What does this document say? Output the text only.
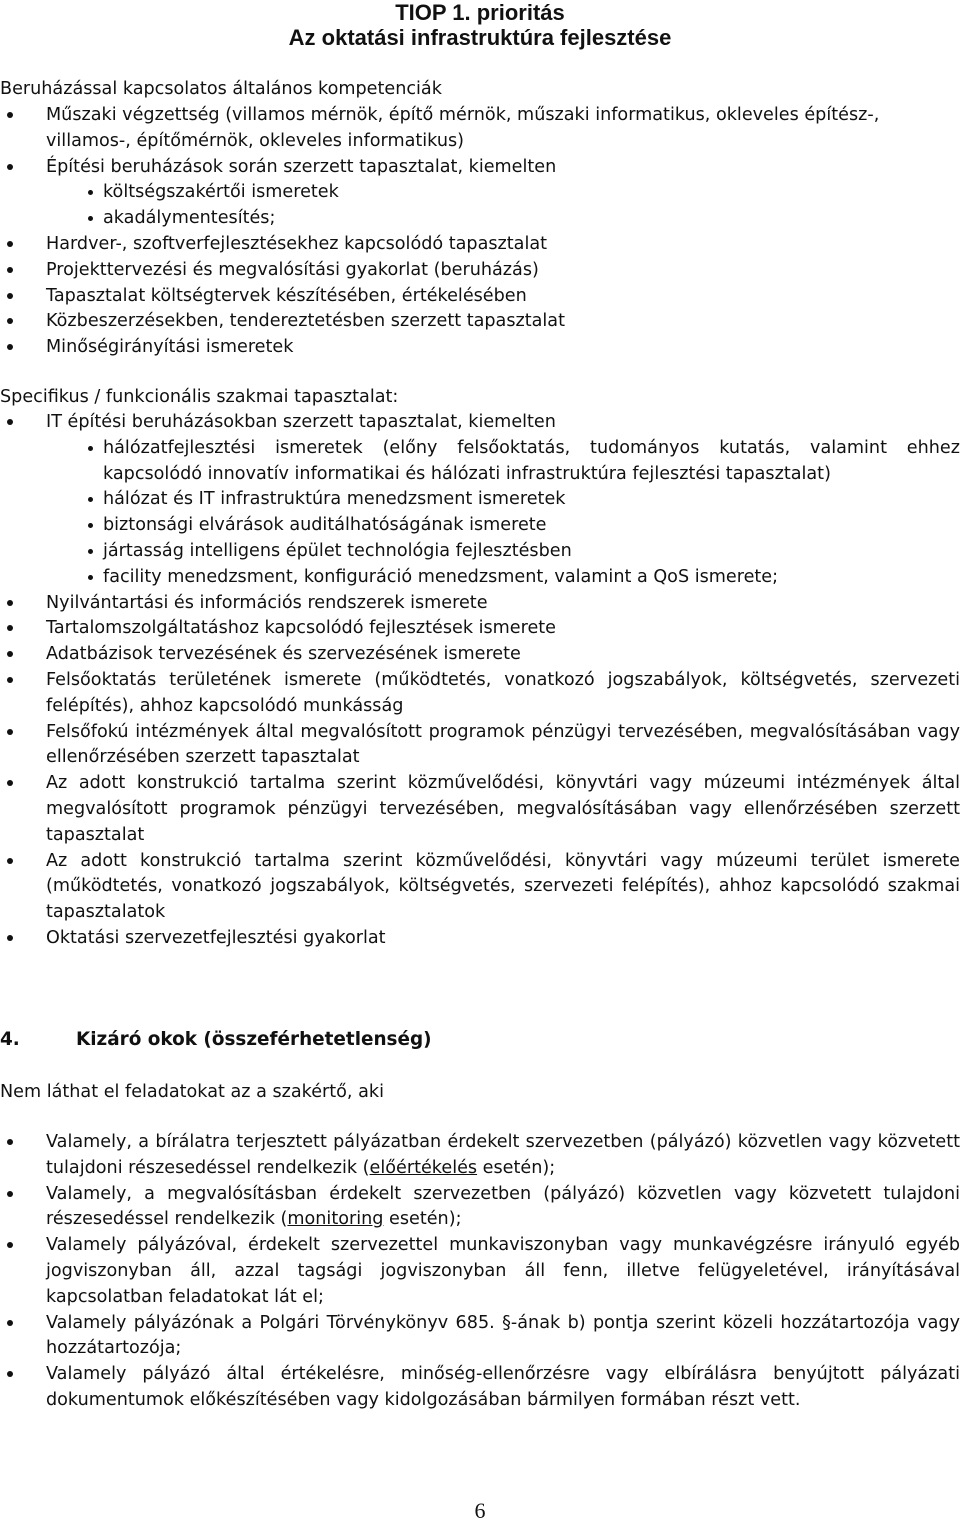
TIOP 1. prioritás
Az oktatási infrastruktúra fejlesztése
Beruházással kapcsolatos általános kompetenciák
Műszaki végzettség (villamos mérnök, építő mérnök, műszaki informatikus, okleveles építész-, villamos-, építőmérnök, okleveles informatikus)
Építési beruházások során szerzett tapasztalat, kiemelten
költségszakértői ismeretek
akadálymentesítés;
Hardver-, szoftverfejlesztésekhez kapcsolódó tapasztalat
Projekttervezési és megvalósítási gyakorlat (beruházás)
Tapasztalat költségtervek készítésében, értékelésében
Közbeszerzésekben, tendereztetésben szerzett tapasztalat
Minőségirányítási ismeretek
Specifikus / funkcionális szakmai tapasztalat:
IT építési beruházásokban szerzett tapasztalat, kiemelten
hálózatfejlesztési ismeretek (előny felsőoktatás, tudományos kutatás, valamint ehhez kapcsolódó innovatív informatikai és hálózati infrastruktúra fejlesztési tapasztalat)
hálózat és IT infrastruktúra menedzsment ismeretek
biztonsági elvárások auditálhatóságának ismerete
jártasság intelligens épület technológia fejlesztésben
facility menedzsment, konfiguráció menedzsment, valamint a QoS ismerete;
Nyilvántartási és információs rendszerek ismerete
Tartalomszolgáltatáshoz kapcsolódó fejlesztések ismerete
Adatbázisok tervezésének és szervezésének ismerete
Felsőoktatás területének ismerete (működtetés, vonatkozó jogszabályok, költségvetés, szervezeti felépítés), ahhoz kapcsolódó munkásság
Felsőfokú intézmények által megvalósított programok pénzügyi tervezésében, megvalósításában vagy ellenőrzésében szerzett tapasztalat
Az adott konstrukció tartalma szerint közművelődési, könyvtári vagy múzeumi intézmények által megvalósított programok pénzügyi tervezésében, megvalósításában vagy ellenőrzésében szerzett tapasztalat
Az adott konstrukció tartalma szerint közművelődési, könyvtári vagy múzeumi terület ismerete (működtetés, vonatkozó jogszabályok, költségvetés, szervezeti felépítés), ahhoz kapcsolódó szakmai tapasztalatok
Oktatási szervezetfejlesztési gyakorlat
4.	Kizáró okok (összeférhetetlenség)
Nem láthat el feladatokat az a szakértő, aki
Valamely, a bírálatra terjesztett pályázatban érdekelt szervezetben (pályázó) közvetlen vagy közvetett tulajdoni részesedéssel rendelkezik (előértékelés esetén);
Valamely, a megvalósításban érdekelt szervezetben (pályázó) közvetlen vagy közvetett tulajdoni részesedéssel rendelkezik (monitoring esetén);
Valamely pályázóval, érdekelt szervezettel munkaviszonyban vagy munkavégzésre irányuló egyéb jogviszonyban áll, azzal tagsági jogviszonyban áll fenn, illetve felügyeletével, irányításával kapcsolatban feladatokat lát el;
Valamely pályázónak a Polgári Törvénykönyv 685. §-ának b) pontja szerint közeli hozzátartozója vagy hozzátartozója;
Valamely pályázó által értékelésre, minőség-ellenőrzésre vagy elbírálásra benyújtott pályázati dokumentumok előkészítésében vagy kidolgozásában bármilyen formában részt vett.
6
